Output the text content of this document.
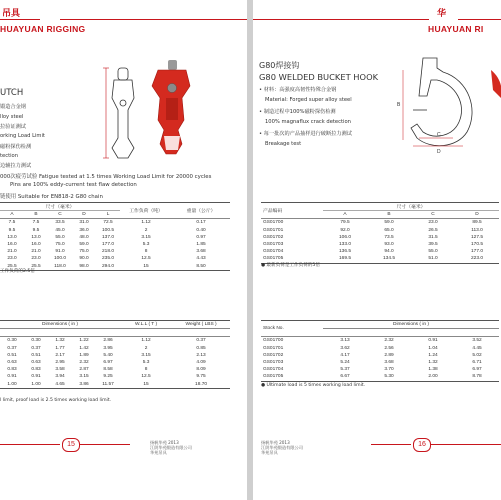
吊具
HUAYUAN RIGGING
UTCH
锻造合金钢
lloy steel
拉验证测试
orking Load Limit
磁粉探伤检测
tection
边辅拉力测试
000次疲劳试验 Fatigue tested at 1.5 times Working Load Limit for 20000 cycles
Pins are 100% eddy-current test flaw detection
链使用 Suitable for EN818-2 G80 chain
尺寸（毫米）					工作负荷（吨）	重量（公斤）
A	B	C	D	L		
7.5	7.5	33.5	31.0	72.5	1.12	0.17
9.5	9.5	45.0	36.0	100.5	2	0.40
13.0	13.0	55.0	48.0	137.0	3.15	0.97
16.0	16.0	75.0	59.0	177.0	5.3	1.85
21.0	21.0	91.0	75.0	218.0	8	3.68
23.0	23.0	100.0	90.0	235.0	12.5	4.43
25.5	25.5	118.0	98.0	294.0	15	8.50
工作负荷的2.5倍
Dimensions ( in )					W.L.L ( T )	Weight ( LBS )

0.30	0.30	1.32	1.22	2.86	1.12	0.37
0.37	0.37	1.77	1.42	3.95	2	0.85
0.51	0.51	2.17	1.89	5.40	3.15	2.13
0.63	0.63	2.95	2.32	6.97	5.3	4.09
0.83	0.83	3.58	2.87	8.58	8	8.09
0.91	0.91	3.94	3.15	9.25	12.5	9.75
1.00	1.00	4.65	3.86	11.57	15	18.70
l limit, proof load is 2.5 times working load limit.
15	扬帆华苑 2013
江阴华苑锻造有限公司
华苑吊具
华
HUAYUAN RI
G80焊接钩
G80 WELDED BUCKET HOOK
• 材料：高强度高韧性特殊合金钢
Material: Forged super alloy steel
• 制造过程中100%磁粉探伤检测
100% magnaflux crack detection
• 每一批次的产品抽样进行破断拉力测试
Breakage test
B
C
D
产品编码	尺寸（毫米）			
	A	B	C	D
GS01700	79.5	59.0	23.0	89.5
GS01701	92.0	65.0	26.5	113.0
GS01702	106.0	73.5	31.5	127.5
GS01703	133.0	93.0	39.5	170.5
GS01704	136.5	94.0	55.0	177.0
GS01705	169.5	134.5	51.0	223.0
● 最新负荷是工作负荷的5倍
Stock No.	Dimensions ( in )			

GS01700	3.13	2.32	0.91	3.52
GS01701	3.62	2.56	1.04	4.45
GS01702	4.17	2.89	1.24	5.02
GS01703	5.24	3.68	1.32	6.71
GS01704	5.37	3.70	1.38	6.97
GS01705	6.67	5.30	2.00	8.78
● Ultimate load is 5 times working load limit.
扬帆华苑 2013
江阴华苑锻造有限公司
华苑吊具
16
